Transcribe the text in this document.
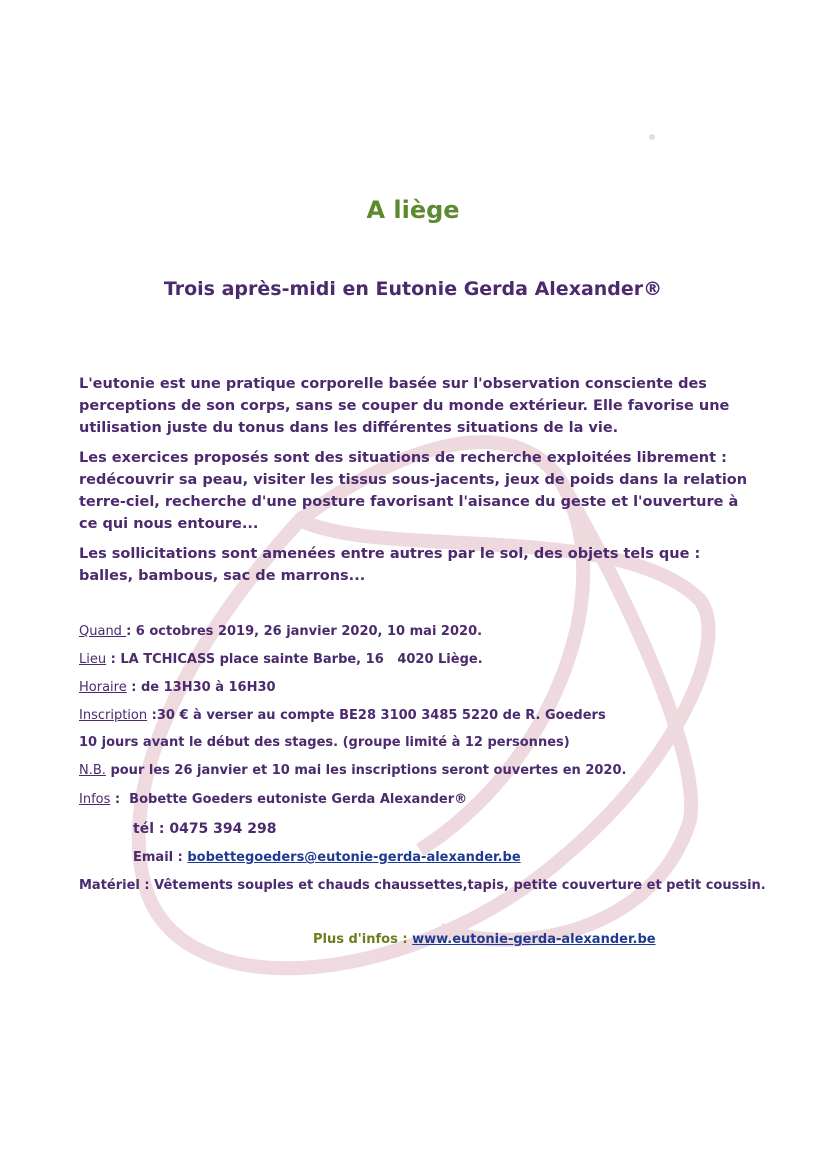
A liège
Trois après-midi en Eutonie Gerda Alexander®

L'eutonie est une pratique corporelle basée sur l'observation consciente des perceptions de son corps, sans se couper du monde extérieur. Elle favorise une utilisation juste du tonus dans les différentes situations de la vie.

Les exercices proposés sont des situations de recherche exploitées librement : redécouvrir sa peau, visiter les tissus sous-jacents, jeux de poids dans la relation terre-ciel, recherche d'une posture favorisant l'aisance du geste et l'ouverture à ce qui nous entoure...

Les sollicitations sont amenées entre autres par le sol, des objets tels que : balles, bambous, sac de marrons...

Quand : 6 octobres 2019, 26 janvier 2020, 10 mai 2020.
Lieu : LA TCHICASS place sainte Barbe, 16   4020 Liège.
Horaire : de 13H30 à 16H30
Inscription :30 € à verser au compte BE28 3100 3485 5220 de R. Goeders
10 jours avant le début des stages. (groupe limité à 12 personnes)
N.B. pour les 26 janvier et 10 mai les inscriptions seront ouvertes en 2020.
Infos :  Bobette Goeders eutoniste Gerda Alexander®
tél : 0475 394 298
Email : bobettegoeders@eutonie-gerda-alexander.be
Matériel : Vêtements souples et chauds chaussettes,tapis, petite couverture et petit coussin.
Plus d'infos : www.eutonie-gerda-alexander.be
